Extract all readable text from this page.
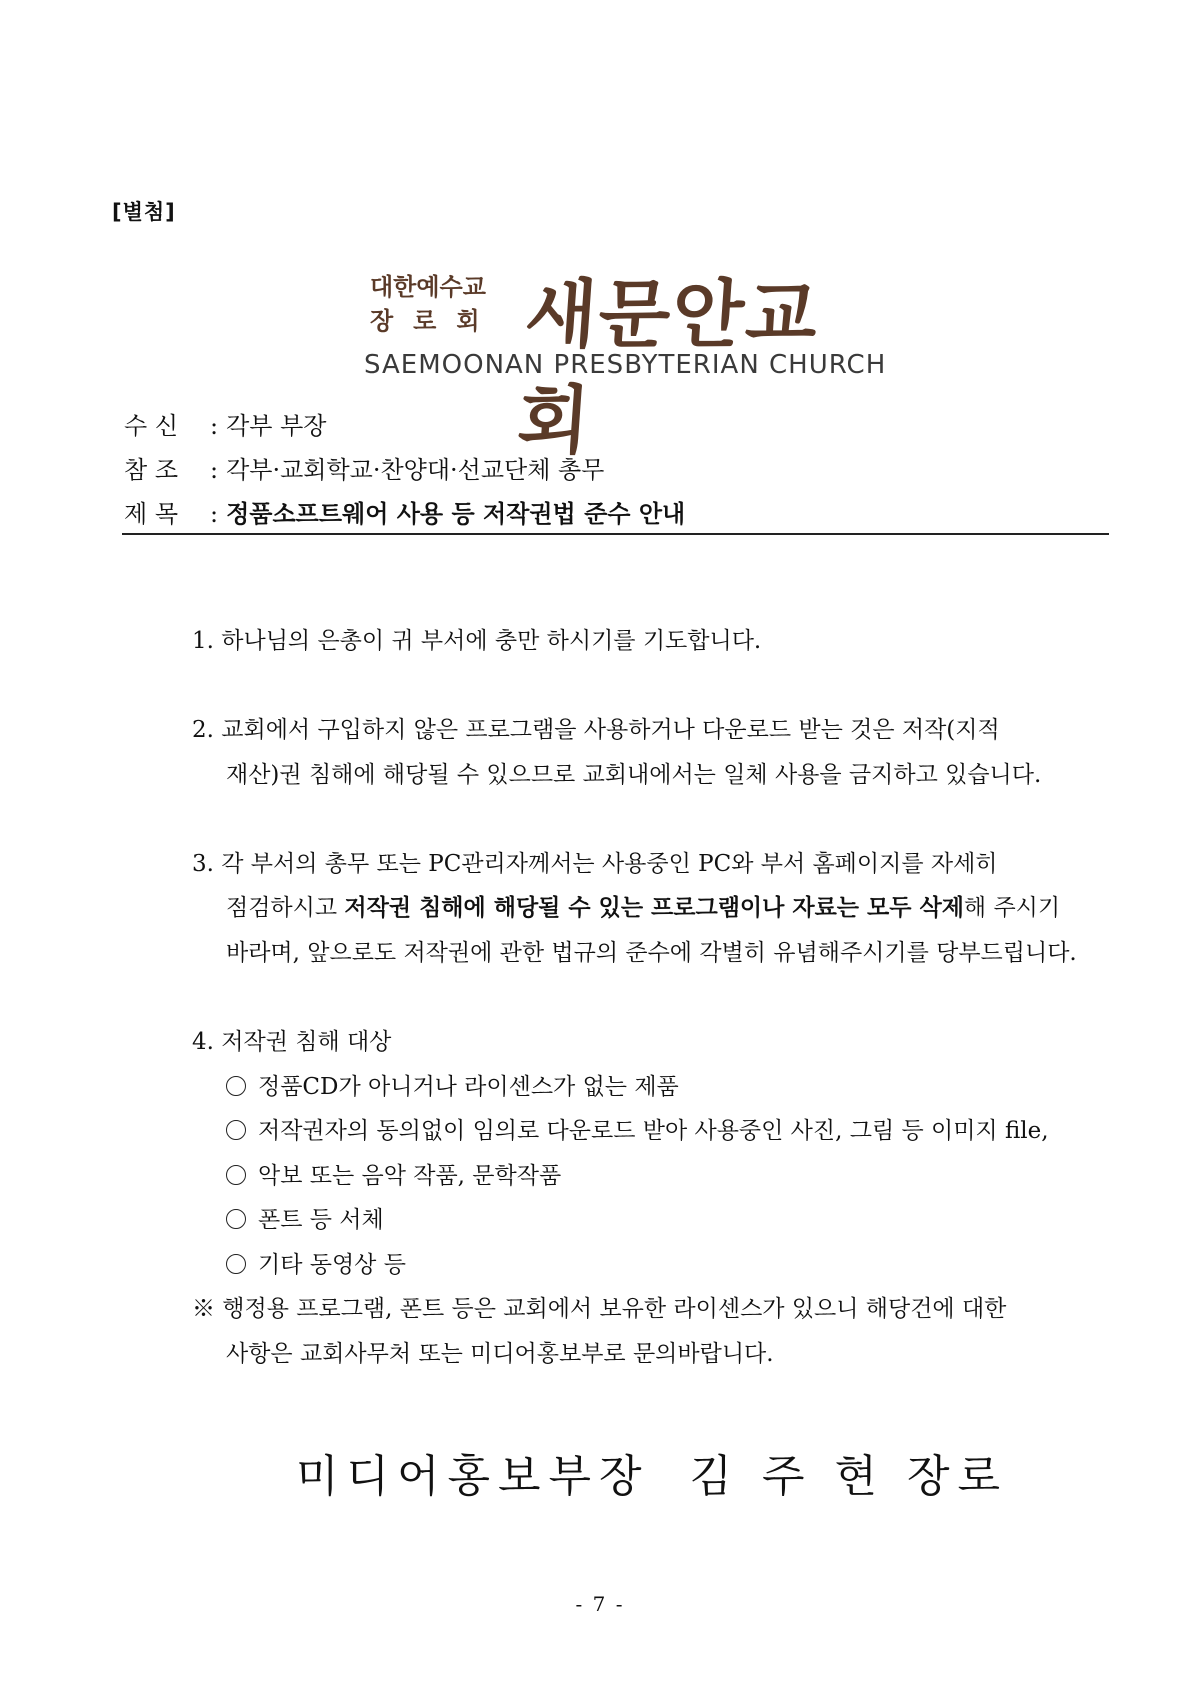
[별첨]
대한예수교
장로회 새문안교회
SAEMOONAN PRESBYTERIAN CHURCH
수 신 : 각부 부장
참 조 : 각부·교회학교·찬양대·선교단체 총무
제 목 : 정품소프트웨어 사용 등 저작권법 준수 안내
1. 하나님의 은총이 귀 부서에 충만 하시기를 기도합니다.
2. 교회에서 구입하지 않은 프로그램을 사용하거나 다운로드 받는 것은 저작(지적
재산)권 침해에 해당될 수 있으므로 교회내에서는 일체 사용을 금지하고 있습니다.
3. 각 부서의 총무 또는 PC관리자께서는 사용중인 PC와 부서 홈페이지를 자세히
점검하시고 저작권 침해에 해당될 수 있는 프로그램이나 자료는 모두 삭제해 주시기
바라며, 앞으로도 저작권에 관한 법규의 준수에 각별히 유념해주시기를 당부드립니다.
4. 저작권 침해 대상
정품CD가 아니거나 라이센스가 없는 제품
저작권자의 동의없이 임의로 다운로드 받아 사용중인 사진, 그림 등 이미지 file,
악보 또는 음악 작품, 문학작품
폰트 등 서체
기타 동영상 등
※ 행정용 프로그램, 폰트 등은 교회에서 보유한 라이센스가 있으니 해당건에 대한
사항은 교회사무처 또는 미디어홍보부로 문의바랍니다.
미디어홍보부장 김 주 현 장로
- 7 -
